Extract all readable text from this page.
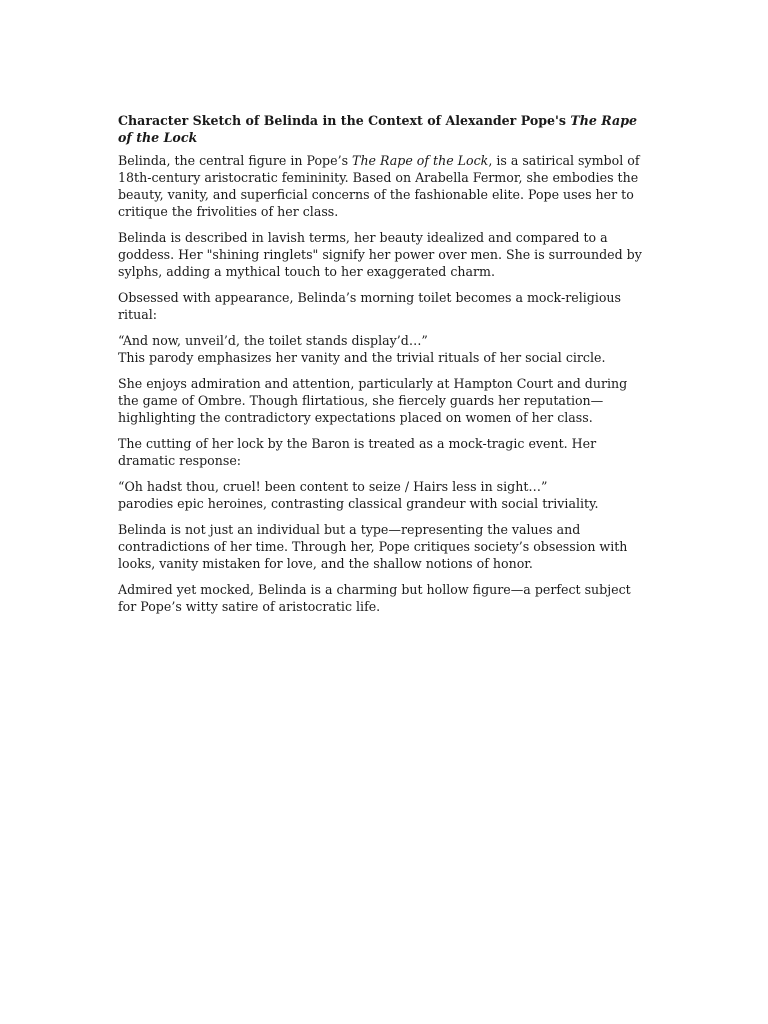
Character Sketch of Belinda in the Context of Alexander Pope's The Rape of the Lock

Belinda, the central figure in Pope’s The Rape of the Lock, is a satirical symbol of 18th-century aristocratic femininity. Based on Arabella Fermor, she embodies the beauty, vanity, and superficial concerns of the fashionable elite. Pope uses her to critique the frivolities of her class.

Belinda is described in lavish terms, her beauty idealized and compared to a goddess. Her "shining ringlets" signify her power over men. She is surrounded by sylphs, adding a mythical touch to her exaggerated charm.

Obsessed with appearance, Belinda’s morning toilet becomes a mock-religious ritual:

“And now, unveil’d, the toilet stands display’d…”
This parody emphasizes her vanity and the trivial rituals of her social circle.

She enjoys admiration and attention, particularly at Hampton Court and during the game of Ombre. Though flirtatious, she fiercely guards her reputation—highlighting the contradictory expectations placed on women of her class.

The cutting of her lock by the Baron is treated as a mock-tragic event. Her dramatic response:

“Oh hadst thou, cruel! been content to seize / Hairs less in sight…”
parodies epic heroines, contrasting classical grandeur with social triviality.

Belinda is not just an individual but a type—representing the values and contradictions of her time. Through her, Pope critiques society’s obsession with looks, vanity mistaken for love, and the shallow notions of honor.

Admired yet mocked, Belinda is a charming but hollow figure—a perfect subject for Pope’s witty satire of aristocratic life.
